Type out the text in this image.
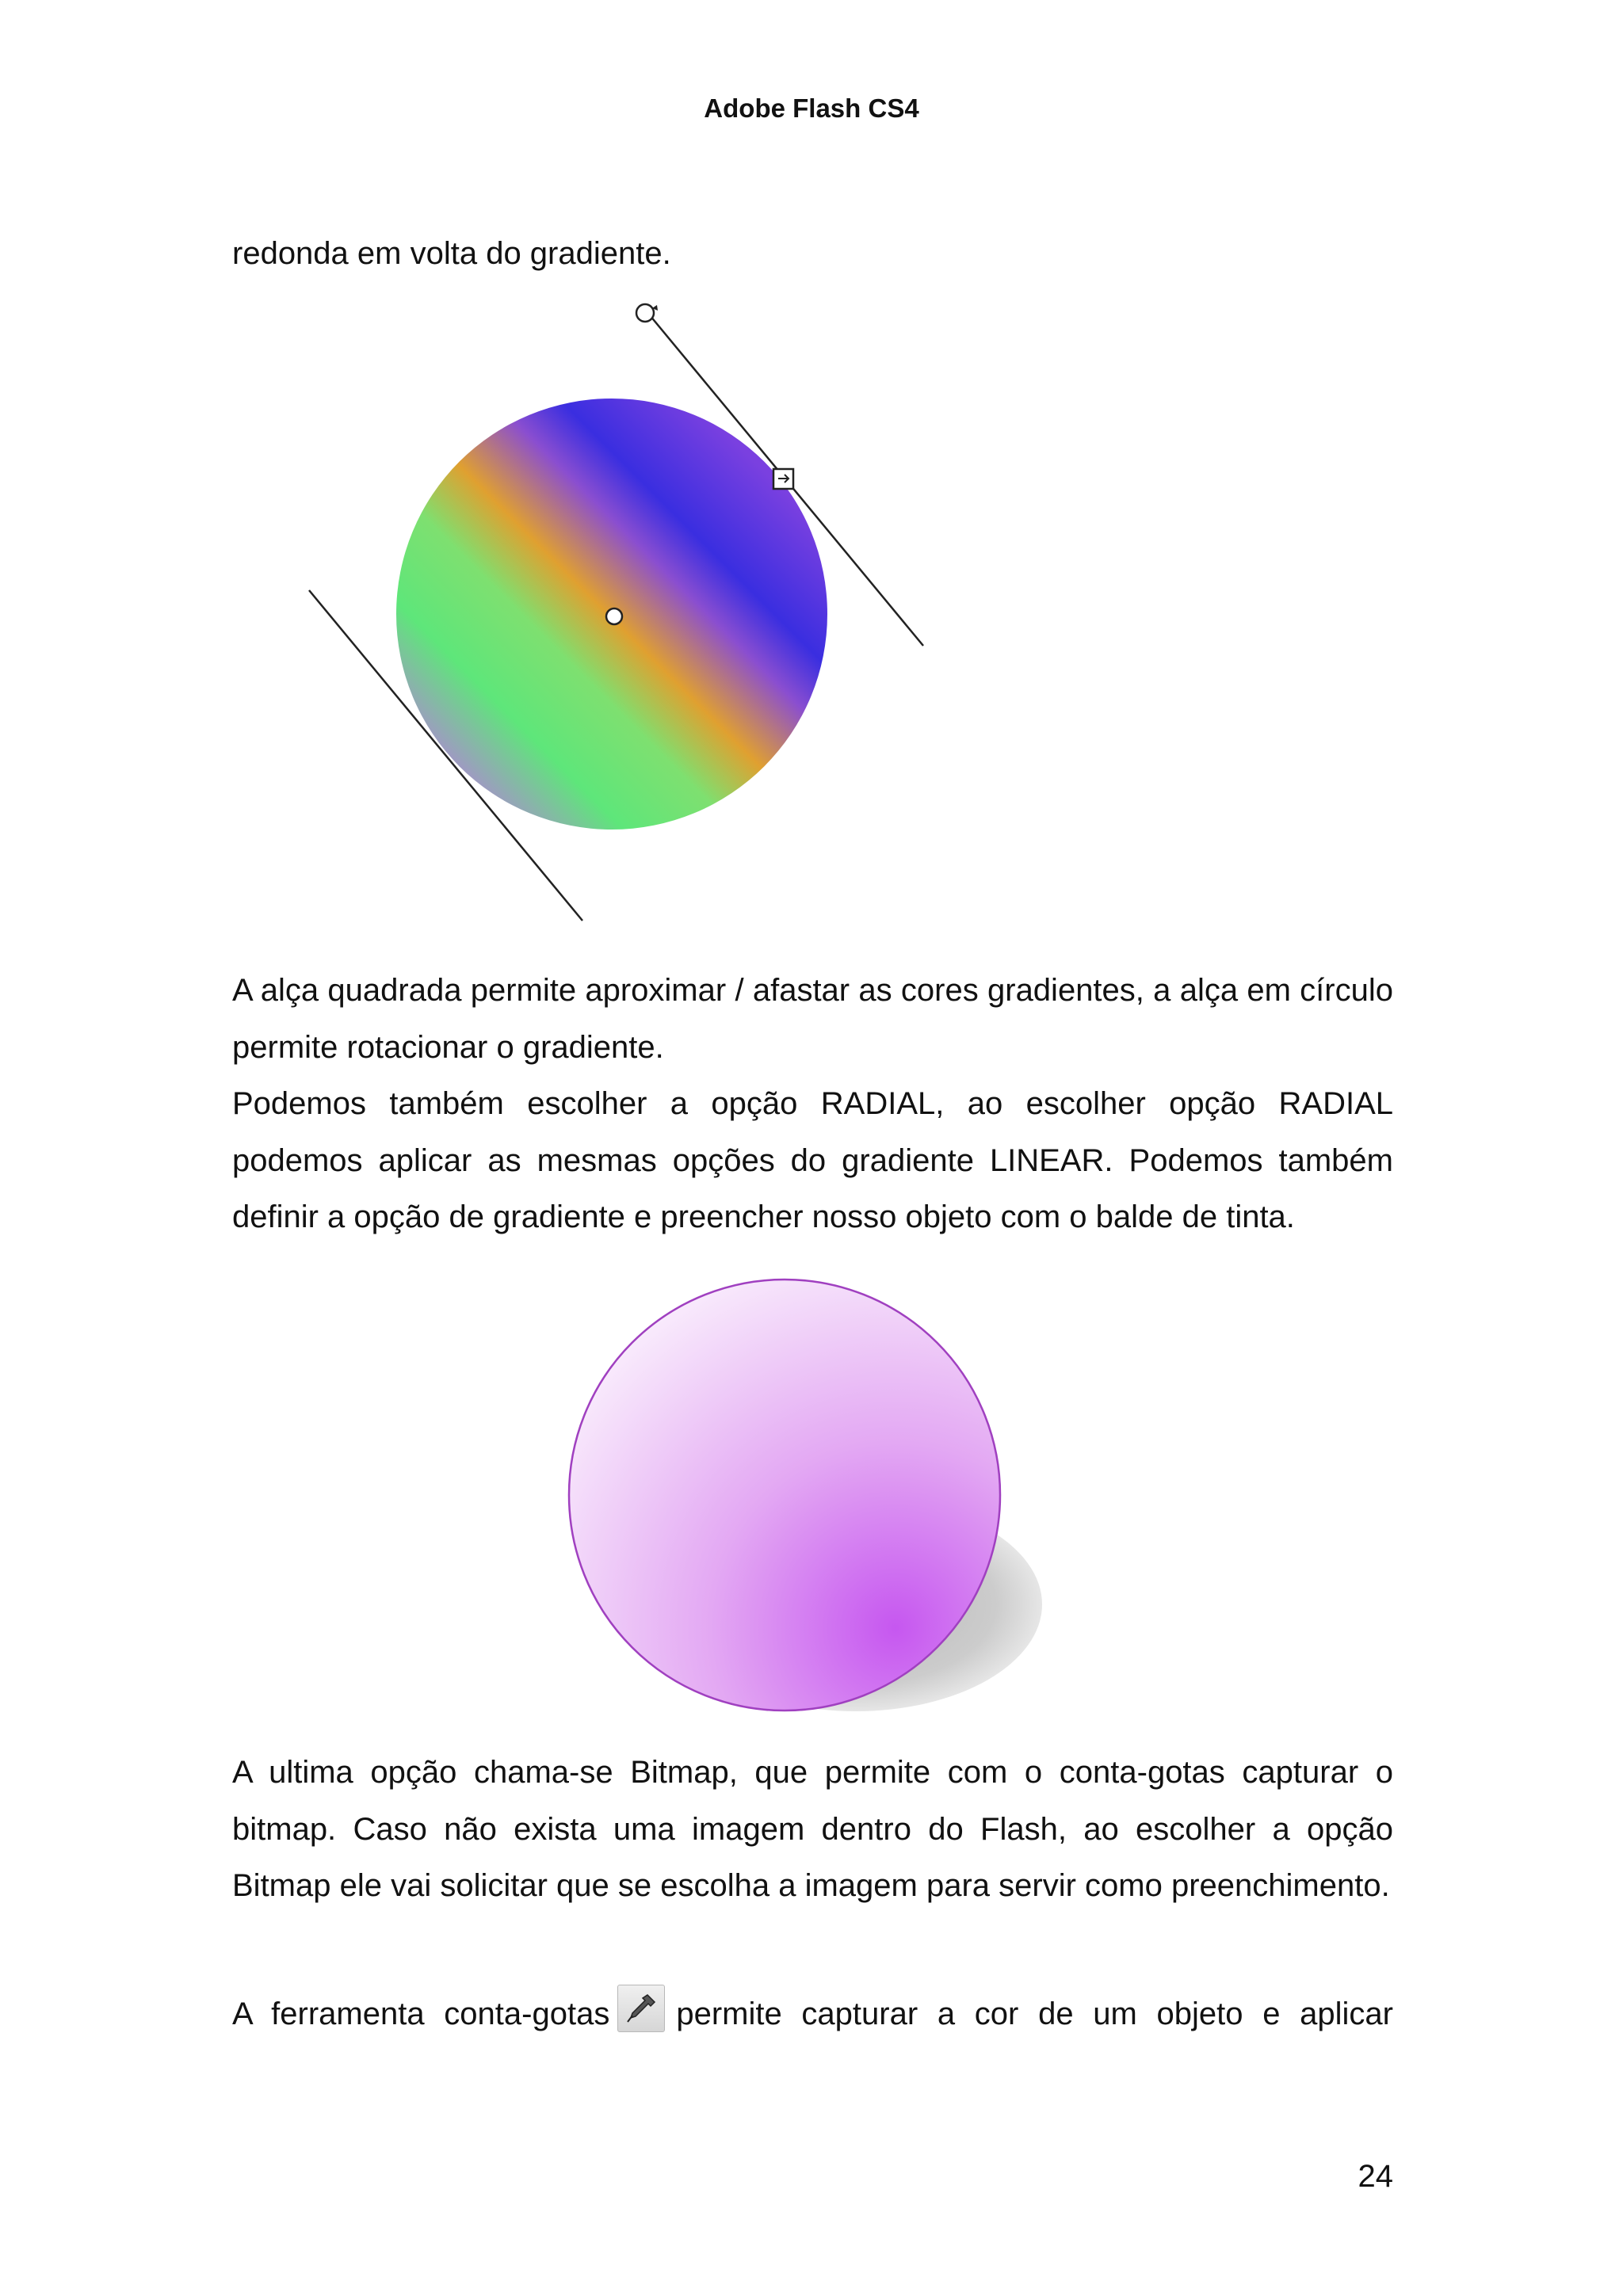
Adobe Flash CS4
redonda em volta do gradiente.
A alça quadrada permite aproximar / afastar as cores gradientes, a alça em círculo permite rotacionar o gradiente.
Podemos também escolher a opção RADIAL, ao escolher opção RADIAL podemos aplicar as mesmas opções do gradiente LINEAR. Podemos também definir a opção de gradiente e preencher nosso objeto com o balde de tinta.
A ultima opção chama-se Bitmap, que permite com o conta-gotas capturar o bitmap. Caso não exista uma imagem dentro do Flash, ao escolher a opção Bitmap ele vai solicitar que se escolha a imagem para servir como preenchimento.
A ferramenta conta-gotas permite capturar a cor de um objeto e aplicar
24
